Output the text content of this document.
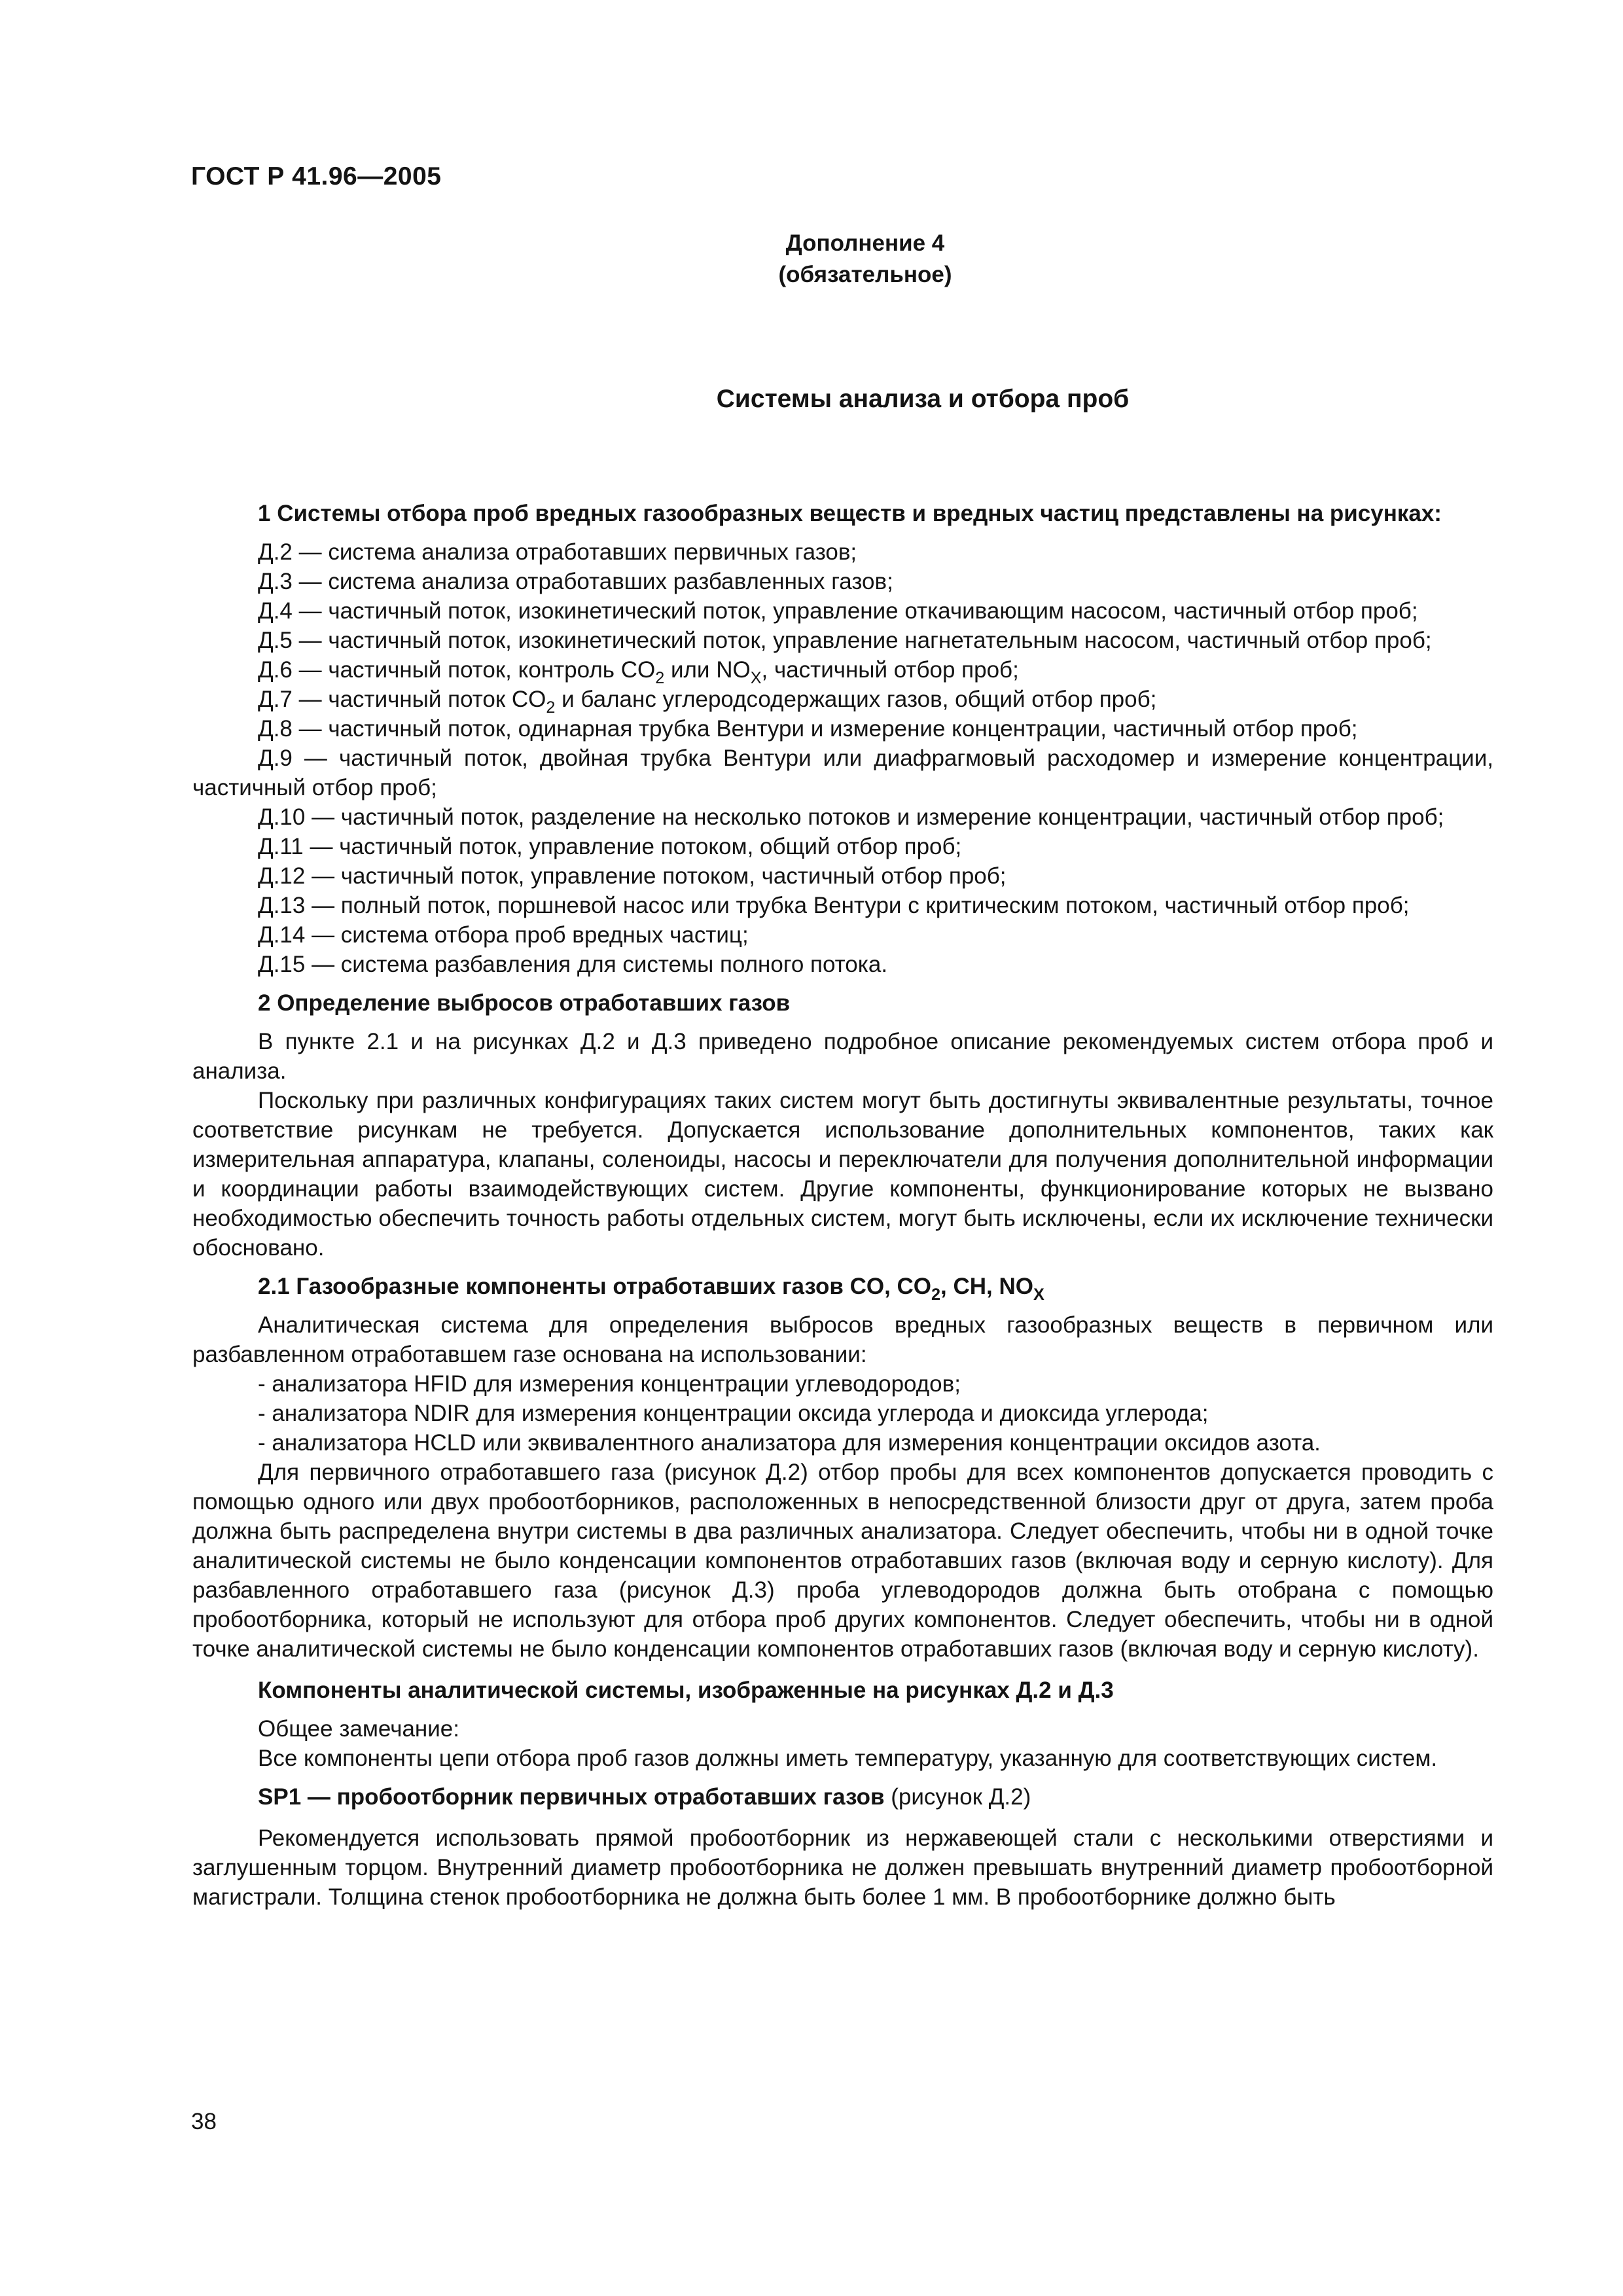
ГОСТ Р 41.96—2005
Дополнение 4
(обязательное)
Системы анализа и отбора проб

1 Системы отбора проб вредных газообразных веществ и вредных частиц представлены на рисунках:

Д.2 — система анализа отработавших первичных газов;

Д.3 — система анализа отработавших разбавленных газов;

Д.4 — частичный поток, изокинетический поток, управление откачивающим насосом, частичный отбор проб;

Д.5 — частичный поток, изокинетический поток, управление нагнетательным насосом, частичный отбор проб;

Д.6 — частичный поток, контроль $CO_2$ или $NO_X$, частичный отбор проб;

Д.7 — частичный поток $CO_2$ и баланс углеродсодержащих газов, общий отбор проб;

Д.8 — частичный поток, одинарная трубка Вентури и измерение концентрации, частичный отбор проб;

Д.9 — частичный поток, двойная трубка Вентури или диафрагмовый расходомер и измерение концентрации, частичный отбор проб;

Д.10 — частичный поток, разделение на несколько потоков и измерение концентрации, частичный отбор проб;

Д.11 — частичный поток, управление потоком, общий отбор проб;

Д.12 — частичный поток, управление потоком, частичный отбор проб;

Д.13 — полный поток, поршневой насос или трубка Вентури с критическим потоком, частичный отбор проб;

Д.14 — система отбора проб вредных частиц;

Д.15 — система разбавления для системы полного потока.

2 Определение выбросов отработавших газов

В пункте 2.1 и на рисунках Д.2 и Д.3 приведено подробное описание рекомендуемых систем отбора проб и анализа.

Поскольку при различных конфигурациях таких систем могут быть достигнуты эквивалентные результаты, точное соответствие рисункам не требуется. Допускается использование дополнительных компонентов, таких как измерительная аппаратура, клапаны, соленоиды, насосы и переключатели для получения дополнительной информации и координации работы взаимодействующих систем. Другие компоненты, функционирование которых не вызвано необходимостью обеспечить точность работы отдельных систем, могут быть исключены, если их исключение технически обосновано.

2.1 Газообразные компоненты отработавших газов CO, $CO_2$, CH, $NO_X$

Аналитическая система для определения выбросов вредных газообразных веществ в первичном или разбавленном отработавшем газе основана на использовании:

- анализатора HFID для измерения концентрации углеводородов;

- анализатора NDIR для измерения концентрации оксида углерода и диоксида углерода;

- анализатора HCLD или эквивалентного анализатора для измерения концентрации оксидов азота.

Для первичного отработавшего газа (рисунок Д.2) отбор пробы для всех компонентов допускается проводить с помощью одного или двух пробоотборников, расположенных в непосредственной близости друг от друга, затем проба должна быть распределена внутри системы в два различных анализатора. Следует обеспечить, чтобы ни в одной точке аналитической системы не было конденсации компонентов отработавших газов (включая воду и серную кислоту). Для разбавленного отработавшего газа (рисунок Д.3) проба углеводородов должна быть отобрана с помощью пробоотборника, который не используют для отбора проб других компонентов. Следует обеспечить, чтобы ни в одной точке аналитической системы не было конденсации компонентов отработавших газов (включая воду и серную кислоту).

Компоненты аналитической системы, изображенные на рисунках Д.2 и Д.3

Общее замечание:

Все компоненты цепи отбора проб газов должны иметь температуру, указанную для соответствующих систем.

SP1 — пробоотборник первичных отработавших газов (рисунок Д.2)

Рекомендуется использовать прямой пробоотборник из нержавеющей стали с несколькими отверстиями и заглушенным торцом. Внутренний диаметр пробоотборника не должен превышать внутренний диаметр пробоотборной магистрали. Толщина стенок пробоотборника не должна быть более 1 мм. В пробоотборнике должно быть

38
